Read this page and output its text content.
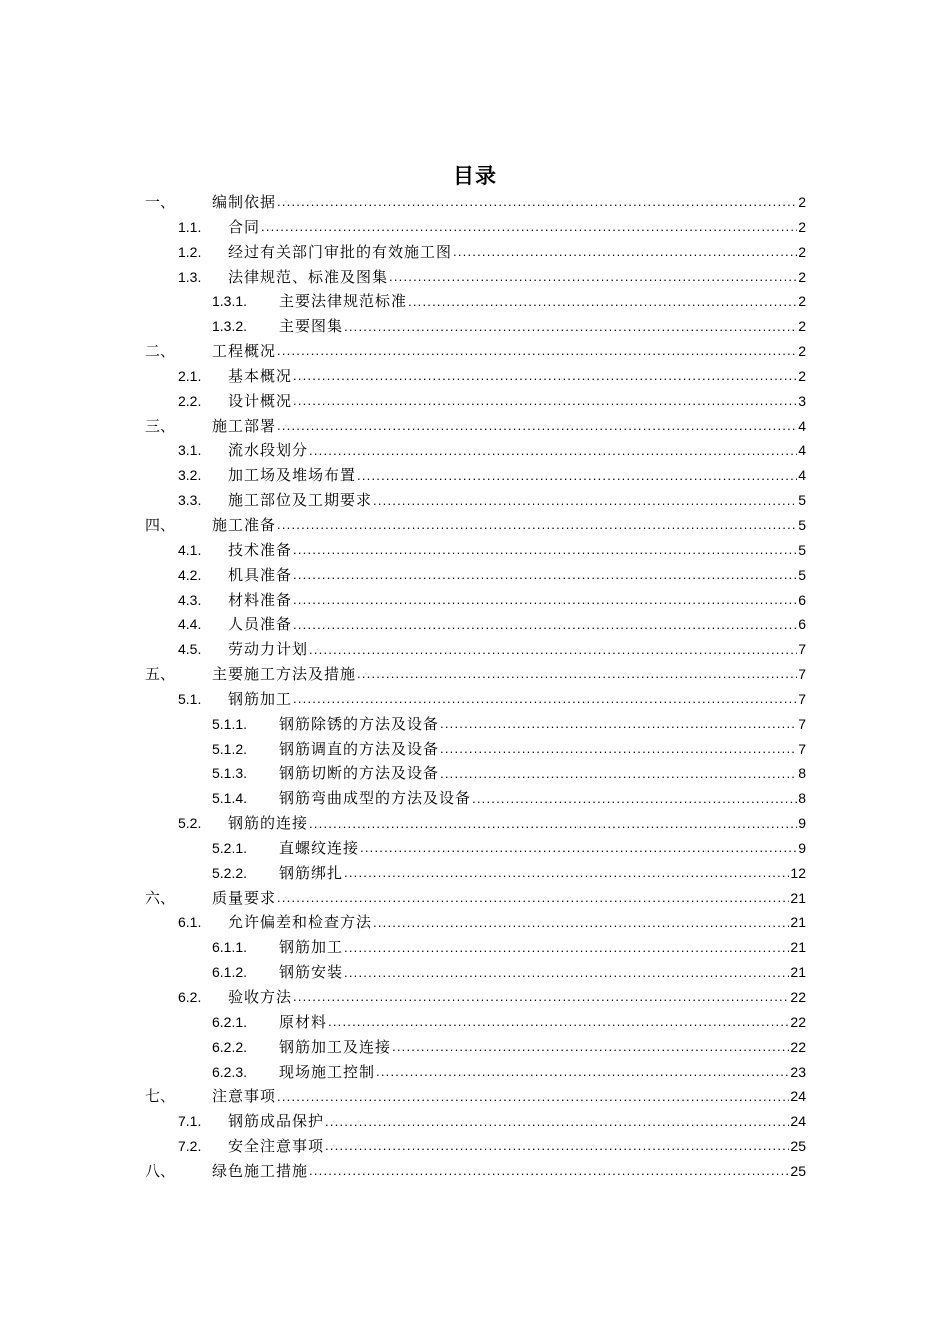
目录
一、	编制依据 .....	2
1.1.	合同 .....	2
1.2.	经过有关部门审批的有效施工图 .....	2
1.3.	法律规范、标准及图集 .....	2
1.3.1.	主要法律规范标准 .....	2
1.3.2.	主要图集 .....	2
二、	工程概况 .....	2
2.1.	基本概况 .....	2
2.2.	设计概况 .....	3
三、	施工部署 .....	4
3.1.	流水段划分 .....	4
3.2.	加工场及堆场布置 .....	4
3.3.	施工部位及工期要求 .....	5
四、	施工准备 .....	5
4.1.	技术准备 .....	5
4.2.	机具准备 .....	5
4.3.	材料准备 .....	6
4.4.	人员准备 .....	6
4.5.	劳动力计划 .....	7
五、	主要施工方法及措施 .....	7
5.1.	钢筋加工 .....	7
5.1.1.	钢筋除锈的方法及设备 .....	7
5.1.2.	钢筋调直的方法及设备 .....	7
5.1.3.	钢筋切断的方法及设备 .....	8
5.1.4.	钢筋弯曲成型的方法及设备 .....	8
5.2.	钢筋的连接 .....	9
5.2.1.	直螺纹连接 .....	9
5.2.2.	钢筋绑扎 .....	12
六、	质量要求 .....	21
6.1.	允许偏差和检查方法 .....	21
6.1.1.	钢筋加工 .....	21
6.1.2.	钢筋安装 .....	21
6.2.	验收方法 .....	22
6.2.1.	原材料 .....	22
6.2.2.	钢筋加工及连接 .....	22
6.2.3.	现场施工控制 .....	23
七、	注意事项 .....	24
7.1.	钢筋成品保护 .....	24
7.2.	安全注意事项 .....	25
八、	绿色施工措施 .....	25
